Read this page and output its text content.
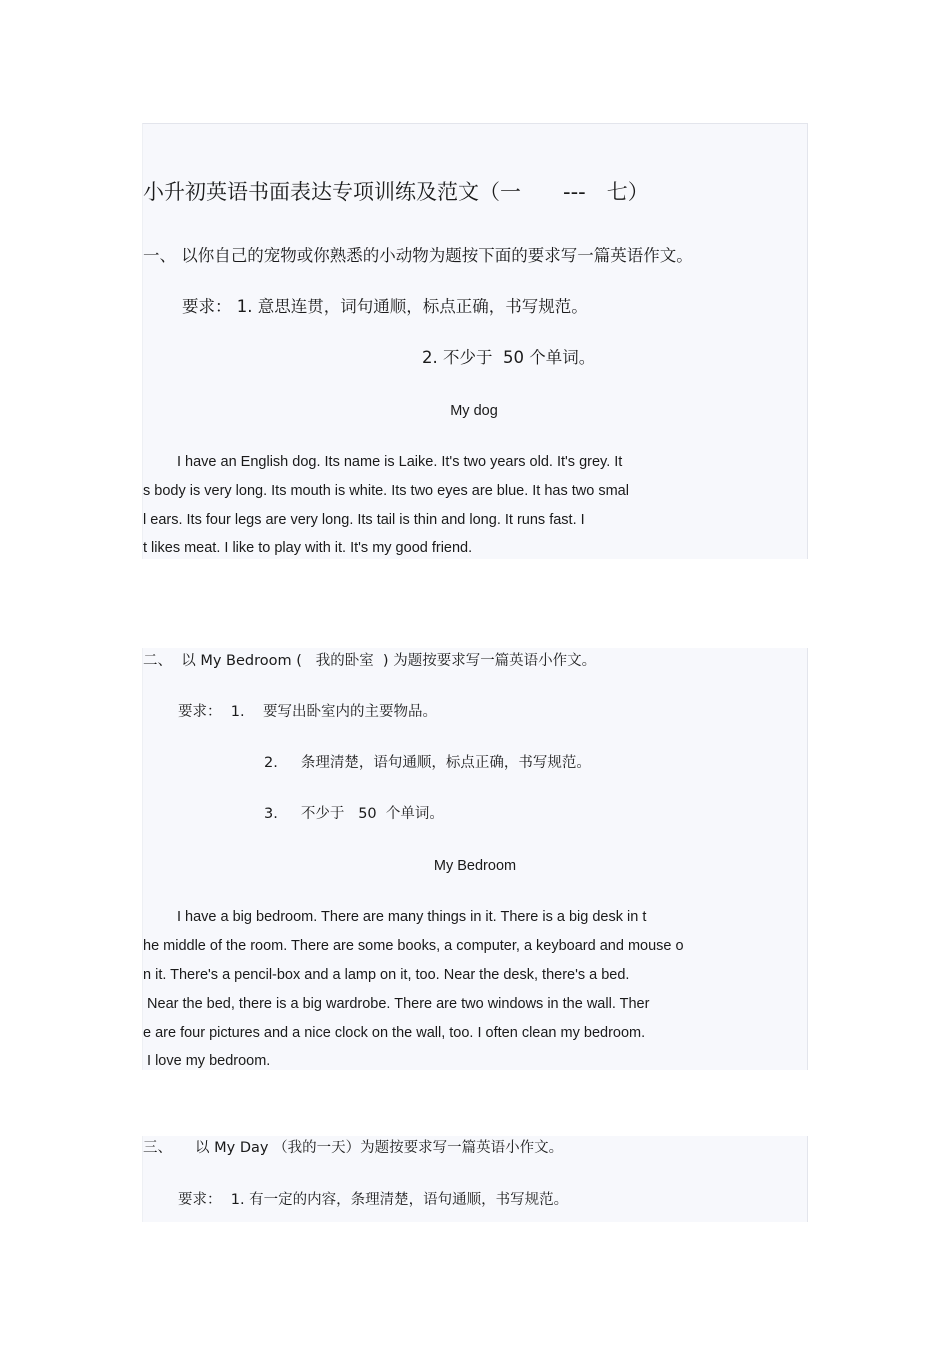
小升初英语书面表达专项训练及范文（一　　---　七）
一、 以你自己的宠物或你熟悉的小动物为题按下面的要求写一篇英语作文。
要求： 1. 意思连贯，词句通顺，标点正确，书写规范。
2. 不少于  50 个单词。
My dog
I have an English dog. Its name is Laike. It's two years old. It's grey. It
s body is very long. Its mouth is white. Its two eyes are blue. It has two smal
l ears. Its four legs are very long. Its tail is thin and long. It runs fast. I
t likes meat. I like to play with it. It's my good friend.
二、  以 My Bedroom (   我的卧室  ) 为题按要求写一篇英语小作文。
要求：  1.    要写出卧室内的主要物品。
2.     条理清楚，语句通顺，标点正确，书写规范。
3.     不少于   50  个单词。
My Bedroom
I have a big bedroom. There are many things in it. There is a big desk in t
he middle of the room. There are some books, a computer, a keyboard and mouse o
n it. There's a pencil-box and a lamp on it, too. Near the desk, there's a bed.
Near the bed, there is a big wardrobe. There are two windows in the wall. Ther
e are four pictures and a nice clock on the wall, too. I often clean my bedroom.
I love my bedroom.
三、     以 My Day （我的一天）为题按要求写一篇英语小作文。
要求：  1. 有一定的内容，条理清楚，语句通顺，书写规范。
